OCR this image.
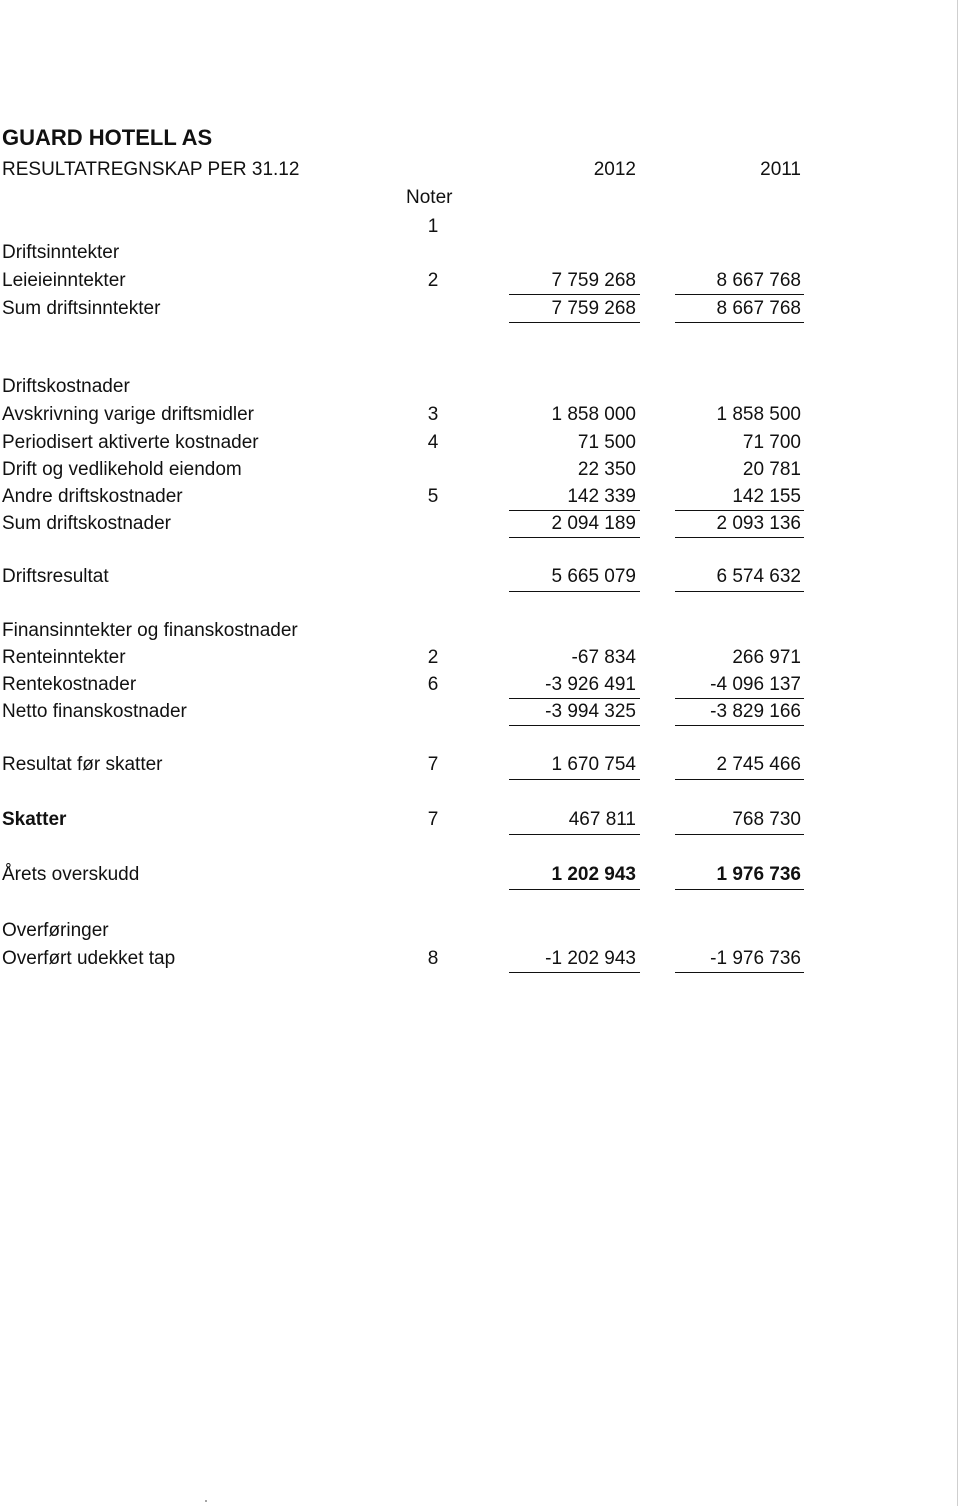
GUARD HOTELL AS
RESULTATREGNSKAP PER 31.12	2012	2011
Noter
1
Driftsinntekter
Leieieinntekter	2	7 759 268	8 667 768
Sum driftsinntekter	7 759 268	8 667 768
Driftskostnader
Avskrivning varige driftsmidler	3	1 858 000	1 858 500
Periodisert aktiverte kostnader	4	71 500	71 700
Drift og vedlikehold eiendom	22 350	20 781
Andre driftskostnader	5	142 339	142 155
Sum driftskostnader	2 094 189	2 093 136
Driftsresultat	5 665 079	6 574 632
Finansinntekter og finanskostnader
Renteinntekter	2	-67 834	266 971
Rentekostnader	6	-3 926 491	-4 096 137
Netto finanskostnader	-3 994 325	-3 829 166
Resultat før skatter	7	1 670 754	2 745 466
Skatter	7	467 811	768 730
Årets overskudd	1 202 943	1 976 736
Overføringer
Overført udekket tap	8	-1 202 943	-1 976 736
